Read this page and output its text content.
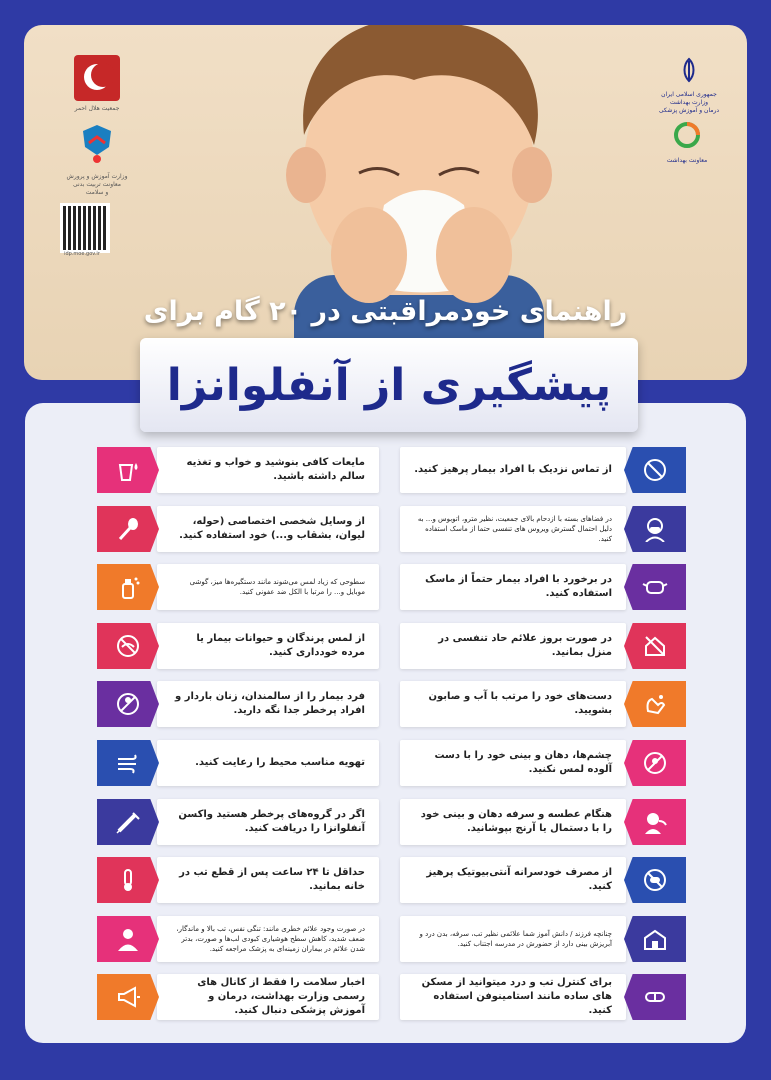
جمعیت هلال احمر
وزارت آموزش و پرورش
معاونت تربیت بدنی
و سلامت
idp.moe.gov.ir
جمهوری اسلامی ایران
وزارت بهداشت
درمان و آموزش پزشکی
معاونت بهداشت
راهنمای خودمراقبتی در ۲۰ گام برای
پیشگیری از آنفلوانزا
از تماس نزدیک با افراد بیمار پرهیز کنید.
در فضاهای بسته با ازدحام بالای جمعیت، نظیر مترو، اتوبوس و... به دلیل احتمال گسترش ویروس های تنفسی حتما از ماسک استفاده کنید.
در برخورد با افراد بیمار حتماً از ماسک استفاده کنید.
در صورت بروز علائم حاد تنفسی در منزل بمانید.
دست‌های خود را مرتب با آب و صابون بشویید.
چشم‌ها، دهان و بینی خود را با دست آلوده لمس نکنید.
هنگام عطسه و سرفه دهان و بینی خود را با دستمال یا آرنج بپوشانید.
از مصرف خودسرانه آنتی‌بیوتیک پرهیز کنید.
چنانچه فرزند / دانش آموز شما علائمی نظیر تب، سرفه، بدن درد و آبریزش بینی دارد از حضورش در مدرسه اجتناب کنید.
برای کنترل تب و درد میتوانید از مسکن های ساده مانند استامینوفن استفاده کنید.
مایعات کافی بنوشید و خواب و تغذیه سالم داشته باشید.
از وسایل شخصی اختصاصی (حوله، لیوان، بشقاب و...) خود استفاده کنید.
سطوحی که زیاد لمس می‌شوند مانند دستگیره‌ها میز، گوشی موبایل و... را مرتبا با الکل ضد عفونی کنید.
از لمس پرندگان و حیوانات بیمار یا مرده خودداری کنید.
فرد بیمار را از سالمندان، زنان باردار و افراد پرخطر جدا نگه دارید.
تهویه مناسب محیط را رعایت کنید.
اگر در گروه‌های پرخطر هستید واکسن آنفلوانزا را دریافت کنید.
حداقل تا ۲۴ ساعت پس از قطع تب در خانه بمانید.
در صورت وجود علائم خطری مانند: تنگی نفس، تب بالا و ماندگار، ضعف شدید، کاهش سطح هوشیاری کبودی لب‌ها و صورت، بدتر شدن علائم در بیماران زمینه‌ای به پزشک مراجعه کنید.
اخبار سلامت را فقط از کانال های رسمی وزارت بهداشت، درمان و آموزش پزشکی دنبال کنید.
